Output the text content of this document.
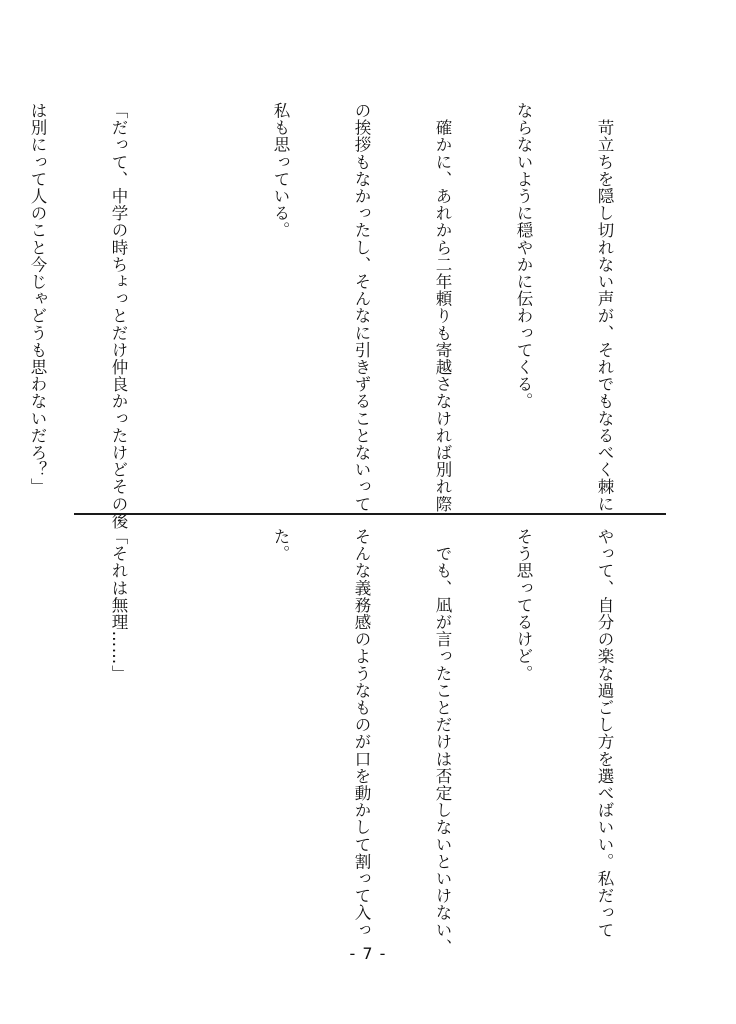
　苛立ちを隠し切れない声が、それでもなるべく棘に

ならないように穏やかに伝わってくる。

　確かに、あれから二年頼りも寄越さなければ別れ際

の挨拶もなかったし、そんなに引きずることないって

私も思っている。

「だって、中学の時ちょっとだけ仲良かったけどその後

は別にって人のこと今じゃどうも思わないだろ？」

やって、自分の楽な過ごし方を選べばいい。私だって

そう思ってるけど。

　でも、凪が言ったことだけは否定しないといけない、

そんな義務感のようなものが口を動かして割って入っ

た。

「それは無理……」

- 7 -
